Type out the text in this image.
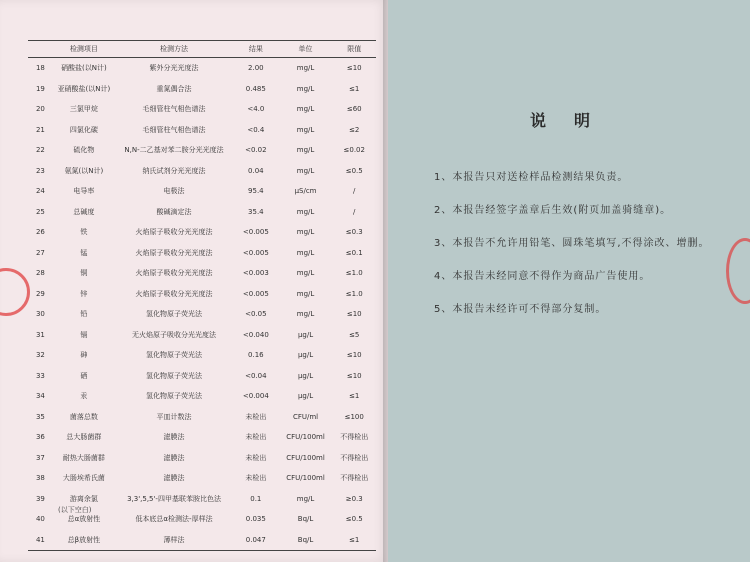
	检测项目	检测方法	结果	单位	限值
18	硝酸盐(以N计)	紫外分光光度法	2.00	mg/L	≤10
19	亚硝酸盐(以N计)	重氮偶合法	0.485	mg/L	≤1
20	三氯甲烷	毛细管柱气相色谱法	<4.0	mg/L	≤60
21	四氯化碳	毛细管柱气相色谱法	<0.4	mg/L	≤2
22	硫化物	N,N-二乙基对苯二胺分光光度法	<0.02	mg/L	≤0.02
23	氨氮(以N计)	纳氏试剂分光光度法	0.04	mg/L	≤0.5
24	电导率	电极法	95.4	μS/cm	/
25	总碱度	酸碱滴定法	35.4	mg/L	/
26	铁	火焰原子吸收分光光度法	<0.005	mg/L	≤0.3
27	锰	火焰原子吸收分光光度法	<0.005	mg/L	≤0.1
28	铜	火焰原子吸收分光光度法	<0.003	mg/L	≤1.0
29	锌	火焰原子吸收分光光度法	<0.005	mg/L	≤1.0
30	铅	氢化物原子荧光法	<0.05	mg/L	≤10
31	镉	无火焰原子吸收分光光度法	<0.040	μg/L	≤5
32	砷	氢化物原子荧光法	0.16	μg/L	≤10
33	硒	氢化物原子荧光法	<0.04	μg/L	≤10
34	汞	氢化物原子荧光法	<0.004	μg/L	≤1
35	菌落总数	平皿计数法	未检出	CFU/ml	≤100
36	总大肠菌群	滤膜法	未检出	CFU/100ml	不得检出
37	耐热大肠菌群	滤膜法	未检出	CFU/100ml	不得检出
38	大肠埃希氏菌	滤膜法	未检出	CFU/100ml	不得检出
39	游离余氯	3,3',5,5'-四甲基联苯胺比色法	0.1	mg/L	≥0.3
40	总α放射性	低本底总α检测法-厚样法	0.035	Bq/L	≤0.5
41	总β放射性	薄样法	0.047	Bq/L	≤1
(以下空白)
说明
1、本报告只对送检样品检测结果负责。
2、本报告经签字盖章后生效(附页加盖骑缝章)。
3、本报告不允许用铅笔、圆珠笔填写,不得涂改、增删。
4、本报告未经同意不得作为商品广告使用。
5、本报告未经许可不得部分复制。
